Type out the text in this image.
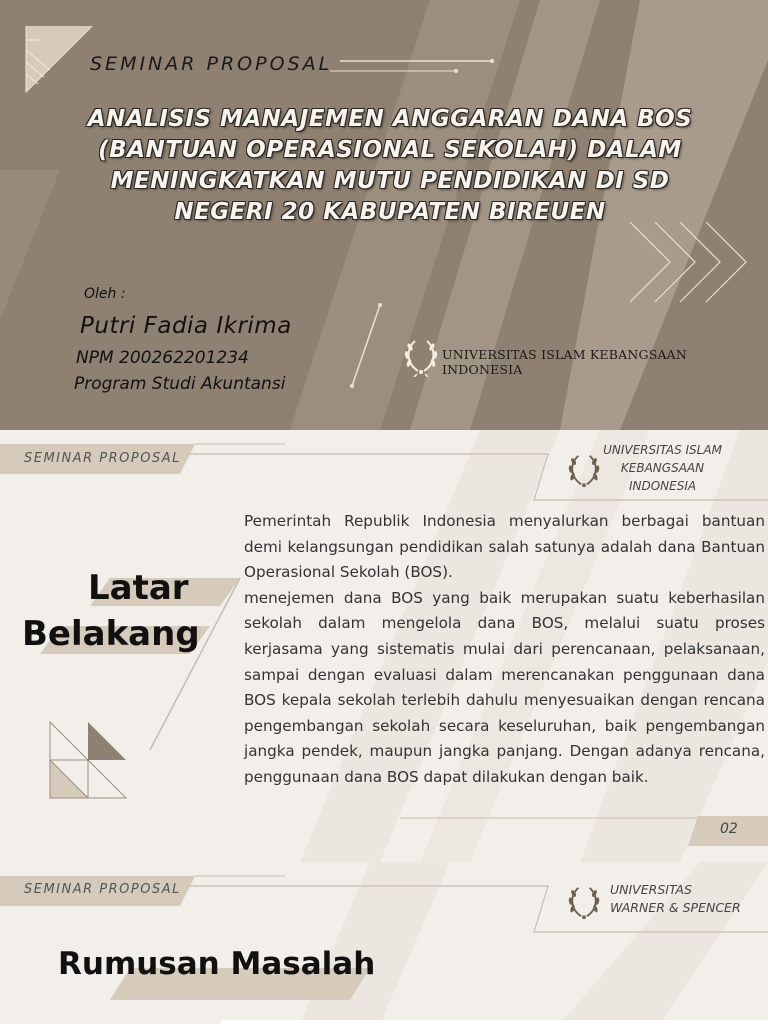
SEMINAR PROPOSAL

ANALISIS MANAJEMEN ANGGARAN DANA BOS (BANTUAN OPERASIONAL SEKOLAH) DALAM MENINGKATKAN MUTU PENDIDIKAN DI SD NEGERI 20 KABUPATEN BIREUEN

Oleh :

Putri Fadia Ikrima

NPM 200262201234

Program Studi Akuntansi

UNIVERSITAS ISLAM KEBANGSAAN INDONESIA

SEMINAR PROPOSAL

UNIVERSITAS ISLAM KEBANGSAAN INDONESIA

Latar
Belakang

Pemerintah Republik Indonesia menyalurkan berbagai bantuan demi kelangsungan pendidikan salah satunya adalah dana Bantuan Operasional Sekolah (BOS).
menejemen dana BOS yang baik merupakan suatu keberhasilan sekolah dalam mengelola dana BOS, melalui suatu proses kerjasama yang sistematis mulai dari perencanaan, pelaksanaan, sampai dengan evaluasi dalam merencanakan penggunaan dana BOS kepala sekolah terlebih dahulu menyesuaikan dengan rencana pengembangan sekolah secara keseluruhan, baik pengembangan jangka pendek, maupun jangka panjang. Dengan adanya rencana, penggunaan dana BOS dapat dilakukan dengan baik.

02

SEMINAR PROPOSAL	UNIVERSITAS
WARNER & SPENCER

Rumusan Masalah
